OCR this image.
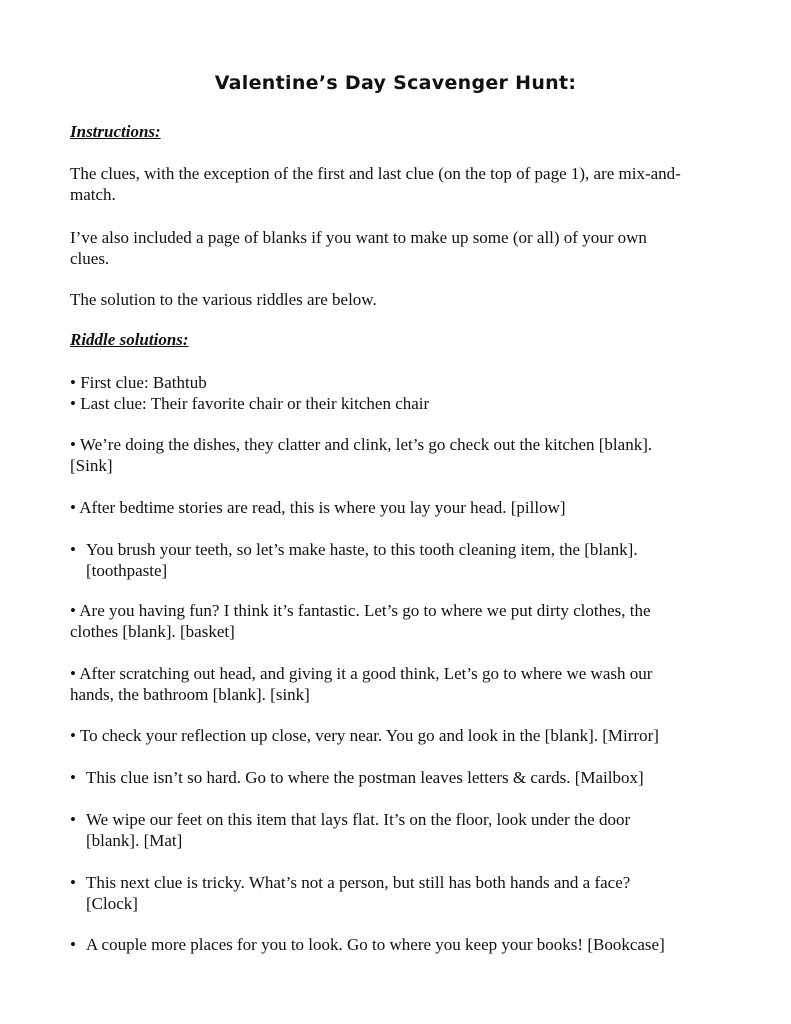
Valentine’s Day Scavenger Hunt:
Instructions:
The clues, with the exception of the first and last clue (on the top of page 1), are mix-and-
match.
I’ve also included a page of blanks if you want to make up some (or all) of your own
clues.
The solution to the various riddles are below.
Riddle solutions:
• First clue: Bathtub
• Last clue: Their favorite chair or their kitchen chair
• We’re doing the dishes, they clatter and clink, let’s go check out the kitchen [blank].
[Sink]
• After bedtime stories are read, this is where you lay your head. [pillow]
• You brush your teeth, so let’s make haste, to this tooth cleaning item, the [blank].
[toothpaste]
• Are you having fun? I think it’s fantastic. Let’s go to where we put dirty clothes, the
clothes [blank]. [basket]
• After scratching out head, and giving it a good think, Let’s go to where we wash our
hands, the bathroom [blank]. [sink]
• To check your reflection up close, very near. You go and look in the [blank]. [Mirror]
• This clue isn’t so hard. Go to where the postman leaves letters & cards. [Mailbox]
• We wipe our feet on this item that lays flat. It’s on the floor, look under the door
[blank]. [Mat]
• This next clue is tricky. What’s not a person, but still has both hands and a face?
[Clock]
• A couple more places for you to look. Go to where you keep your books! [Bookcase]
